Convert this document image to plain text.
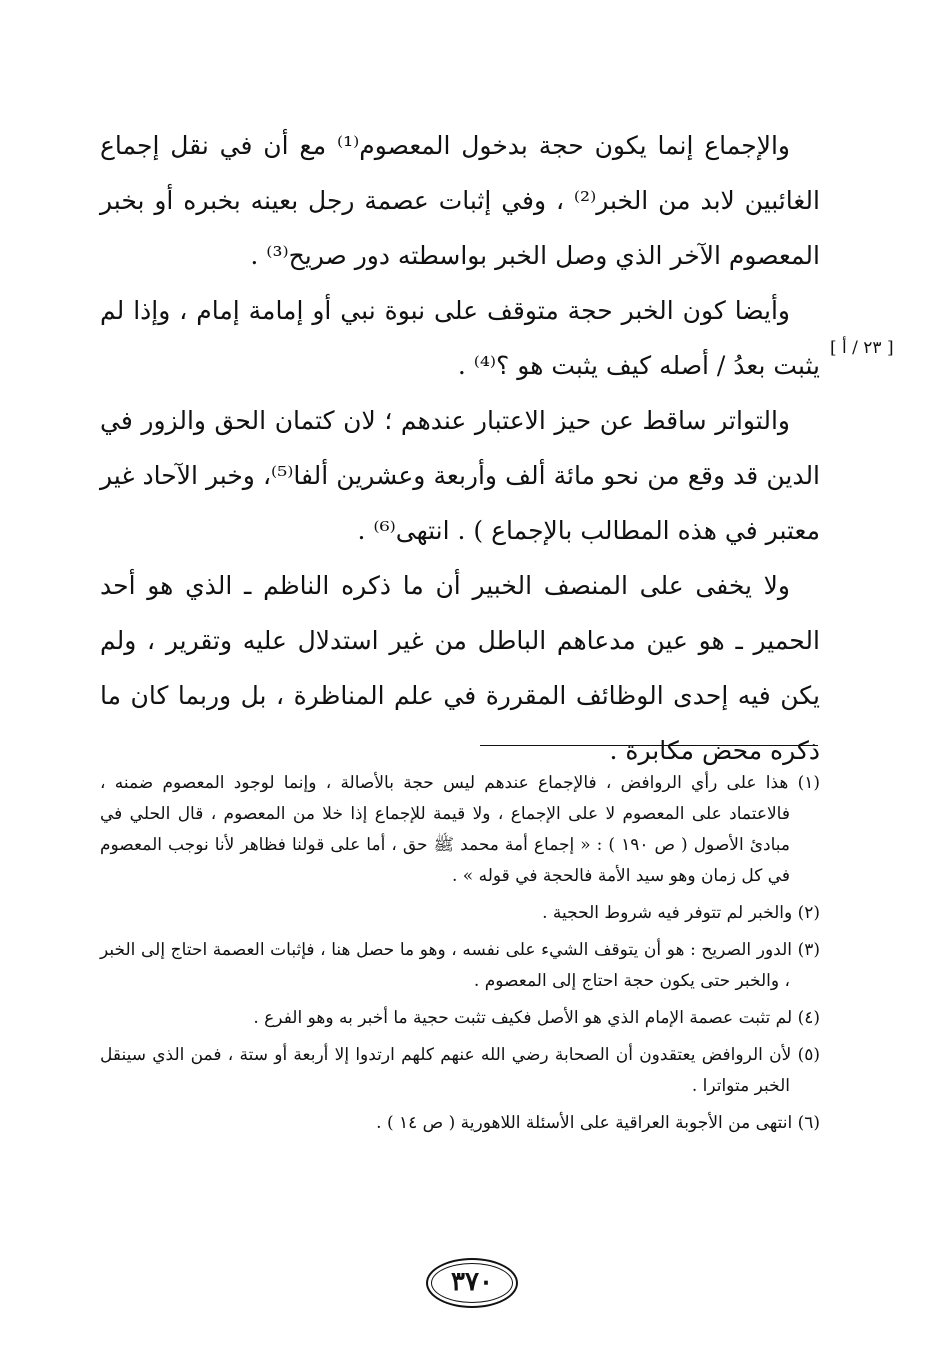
والإجماع إنما يكون حجة بدخول المعصوم⁽¹⁾ مع أن في نقل إجماع الغائبين لابد من الخبر⁽²⁾ ، وفي إثبات عصمة رجل بعينه بخبره أو بخبر المعصوم الآخر الذي وصل الخبر بواسطته دور صريح⁽³⁾ .

وأيضا كون الخبر حجة متوقف على نبوة نبي أو إمامة إمام ، وإذا لم يثبت بعدُ / أصله كيف يثبت هو ؟⁽⁴⁾ .

والتواتر ساقط عن حيز الاعتبار عندهم ؛ لان كتمان الحق والزور في الدين قد وقع من نحو مائة ألف وأربعة وعشرين ألفا⁽⁵⁾، وخبر الآحاد غير معتبر في هذه المطالب بالإجماع ) . انتهى⁽⁶⁾ .

ولا يخفى على المنصف الخبير أن ما ذكره الناظم ـ الذي هو أحد الحمير ـ هو عين مدعاهم الباطل من غير استدلال عليه وتقرير ، ولم يكن فيه إحدى الوظائف المقررة في علم المناظرة ، بل وربما كان ما ذكره محض مكابرة .

[ ٢٣ / أ ]

(١) هذا على رأي الروافض ، فالإجماع عندهم ليس حجة بالأصالة ، وإنما لوجود المعصوم ضمنه ، فالاعتماد على المعصوم لا على الإجماع ، ولا قيمة للإجماع إذا خلا من المعصوم ، قال الحلي في مبادئ الأصول ( ص ١٩٠ ) : « إجماع أمة محمد ﷺ حق ، أما على قولنا فظاهر لأنا نوجب المعصوم في كل زمان وهو سيد الأمة فالحجة في قوله » .

(٢) والخبر لم تتوفر فيه شروط الحجية .

(٣) الدور الصريح : هو أن يتوقف الشيء على نفسه ، وهو ما حصل هنا ، فإثبات العصمة احتاج إلى الخبر ، والخبر حتى يكون حجة احتاج إلى المعصوم .

(٤) لم تثبت عصمة الإمام الذي هو الأصل فكيف تثبت حجية ما أخبر به وهو الفرع .

(٥) لأن الروافض يعتقدون أن الصحابة رضي الله عنهم كلهم ارتدوا إلا أربعة أو ستة ، فمن الذي سينقل الخبر متواترا .

(٦) انتهى من الأجوبة العراقية على الأسئلة اللاهورية ( ص ١٤ ) .

٣٧٠
